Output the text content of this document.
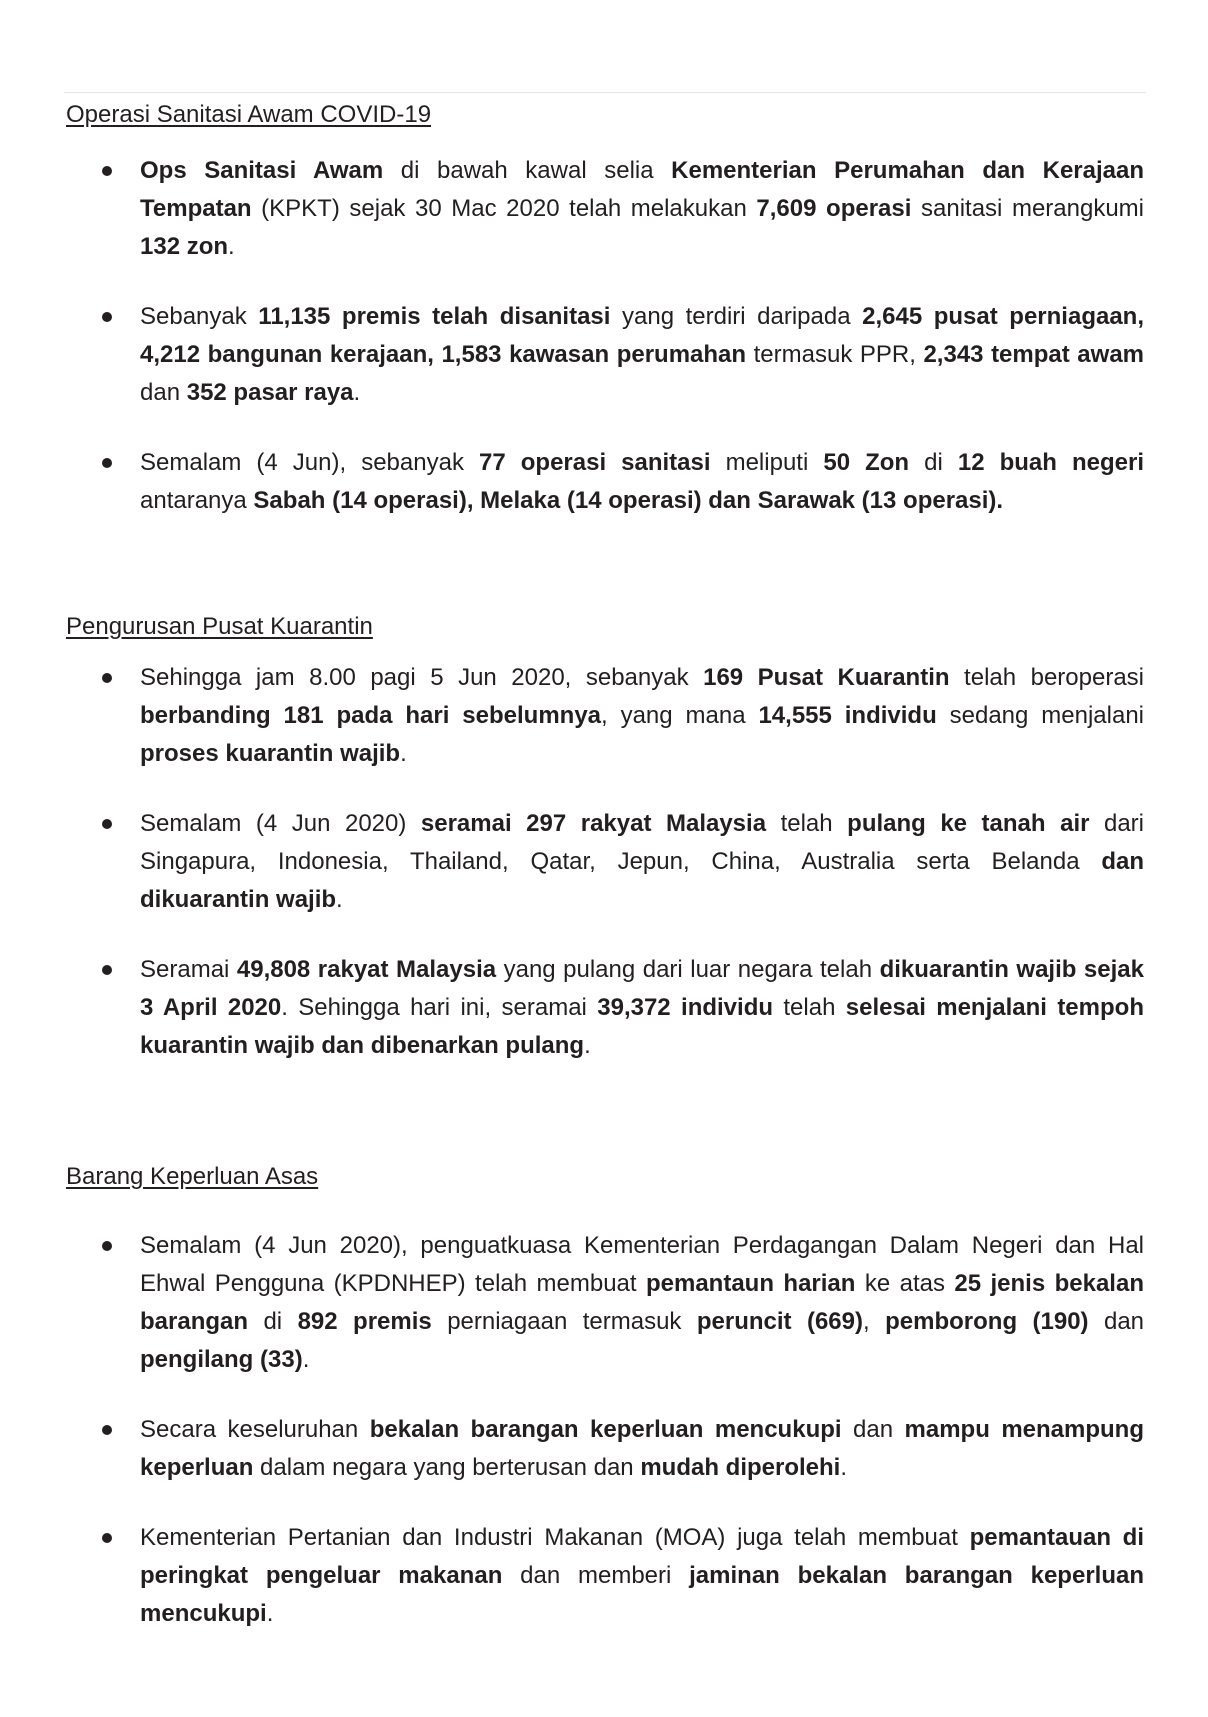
Operasi Sanitasi Awam COVID-19
Ops Sanitasi Awam di bawah kawal selia Kementerian Perumahan dan Kerajaan Tempatan (KPKT) sejak 30 Mac 2020 telah melakukan 7,609 operasi sanitasi merangkumi 132 zon.
Sebanyak 11,135 premis telah disanitasi yang terdiri daripada 2,645 pusat perniagaan, 4,212 bangunan kerajaan, 1,583 kawasan perumahan termasuk PPR, 2,343 tempat awam dan 352 pasar raya.
Semalam (4 Jun), sebanyak 77 operasi sanitasi meliputi 50 Zon di 12 buah negeri antaranya Sabah (14 operasi), Melaka (14 operasi) dan Sarawak (13 operasi).
Pengurusan Pusat Kuarantin
Sehingga jam 8.00 pagi 5 Jun 2020, sebanyak 169 Pusat Kuarantin telah beroperasi berbanding 181 pada hari sebelumnya, yang mana 14,555 individu sedang menjalani proses kuarantin wajib.
Semalam (4 Jun 2020) seramai 297 rakyat Malaysia telah pulang ke tanah air dari Singapura, Indonesia, Thailand, Qatar, Jepun, China, Australia serta Belanda dan dikuarantin wajib.
Seramai 49,808 rakyat Malaysia yang pulang dari luar negara telah dikuarantin wajib sejak 3 April 2020. Sehingga hari ini, seramai 39,372 individu telah selesai menjalani tempoh kuarantin wajib dan dibenarkan pulang.
Barang Keperluan Asas
Semalam (4 Jun 2020), penguatkuasa Kementerian Perdagangan Dalam Negeri dan Hal Ehwal Pengguna (KPDNHEP) telah membuat pemantaun harian ke atas 25 jenis bekalan barangan di 892 premis perniagaan termasuk peruncit (669), pemborong (190) dan pengilang (33).
Secara keseluruhan bekalan barangan keperluan mencukupi dan mampu menampung keperluan dalam negara yang berterusan dan mudah diperolehi.
Kementerian Pertanian dan Industri Makanan (MOA) juga telah membuat pemantauan di peringkat pengeluar makanan dan memberi jaminan bekalan barangan keperluan mencukupi.
